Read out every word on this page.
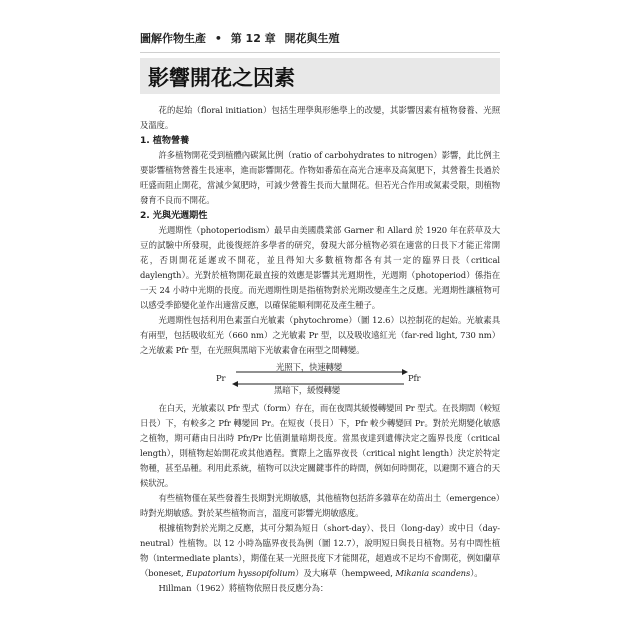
圖解作物生產 • 第 12 章 開花與生殖
影響開花之因素

花的起始（floral initiation）包括生理學與形態學上的改變，其影響因素有植物發養、光照及溫度。

1. 植物營養

許多植物開花受到植體內碳氮比例（ratio of carbohydrates to nitrogen）影響，此比例主要影響植物營養生長速率，進而影響開花。作物如番茄在高光合速率及高氮肥下，其營養生長過於旺盛而阻止開花，當減少氮肥時，可減少營養生長而大量開花。但若光合作用或氮素受限，則植物發育不良而不開花。

2. 光與光週期性

光週期性（photoperiodism）最早由美國農業部 Garner 和 Allard 於 1920 年在菸草及大豆的試驗中所發現，此後復經許多學者的研究，發現大部分植物必須在適當的日長下才能正常開花，否則開花延遲或不開花，並且得知大多數植物都各有其一定的臨界日長（critical daylength）。光對於植物開花最直接的效應是影響其光週期性，光週期（photoperiod）係指在一天 24 小時中光期的長度。而光週期性則是指植物對於光期改變產生之反應。光週期性讓植物可以感受季節變化並作出適當反應，以確保能順利開花及產生種子。

光週期性包括利用色素蛋白光敏素（phytochrome）（圖 12.6）以控制花的起始。光敏素具有兩型，包括吸收紅光（660 nm）之光敏素 Pr 型，以及吸收遠紅光（far-red light, 730 nm）之光敏素 Pfr 型，在光照與黑暗下光敏素會在兩型之間轉變。

Pr
光照下，快速轉變
黑暗下，緩慢轉變
Pfr

在白天，光敏素以 Pfr 型式（form）存在，而在夜間其緩慢轉變回 Pr 型式。在長期間（較短日長）下，有較多之 Pfr 轉變回 Pr。在短夜（長日）下，Pfr 較少轉變回 Pr。對於光期變化敏感之植物，期可藉由日出時 Pfr/Pr 比值測量暗期長度。當黑夜達到遺傳決定之臨界長度（critical length），則植物起始開花或其他過程。實際上之臨界夜長（critical night length）決定於特定物種，甚至品種。利用此系統，植物可以決定關鍵事件的時間，例如何時開花，以避開不適合的天候狀況。

有些植物僅在某些發養生長期對光期敏感，其他植物包括許多雜草在幼苗出土（emergence）時對光期敏感。對於某些植物而言，溫度可影響光期敏感度。

根據植物對於光期之反應，其可分類為短日（short-day）、長日（long-day）或中日（day-neutral）性植物。以 12 小時為臨界夜長為例（圖 12.7），說明短日與長日植物。另有中間性植物（intermediate plants），期僅在某一光照長度下才能開花，超過或不足均不會開花，例如蘭草（boneset, Eupatorium hyssopifolium）及大麻草（hempweed, Mikania scandens）。

Hillman（1962）將植物依照日長反應分為：
